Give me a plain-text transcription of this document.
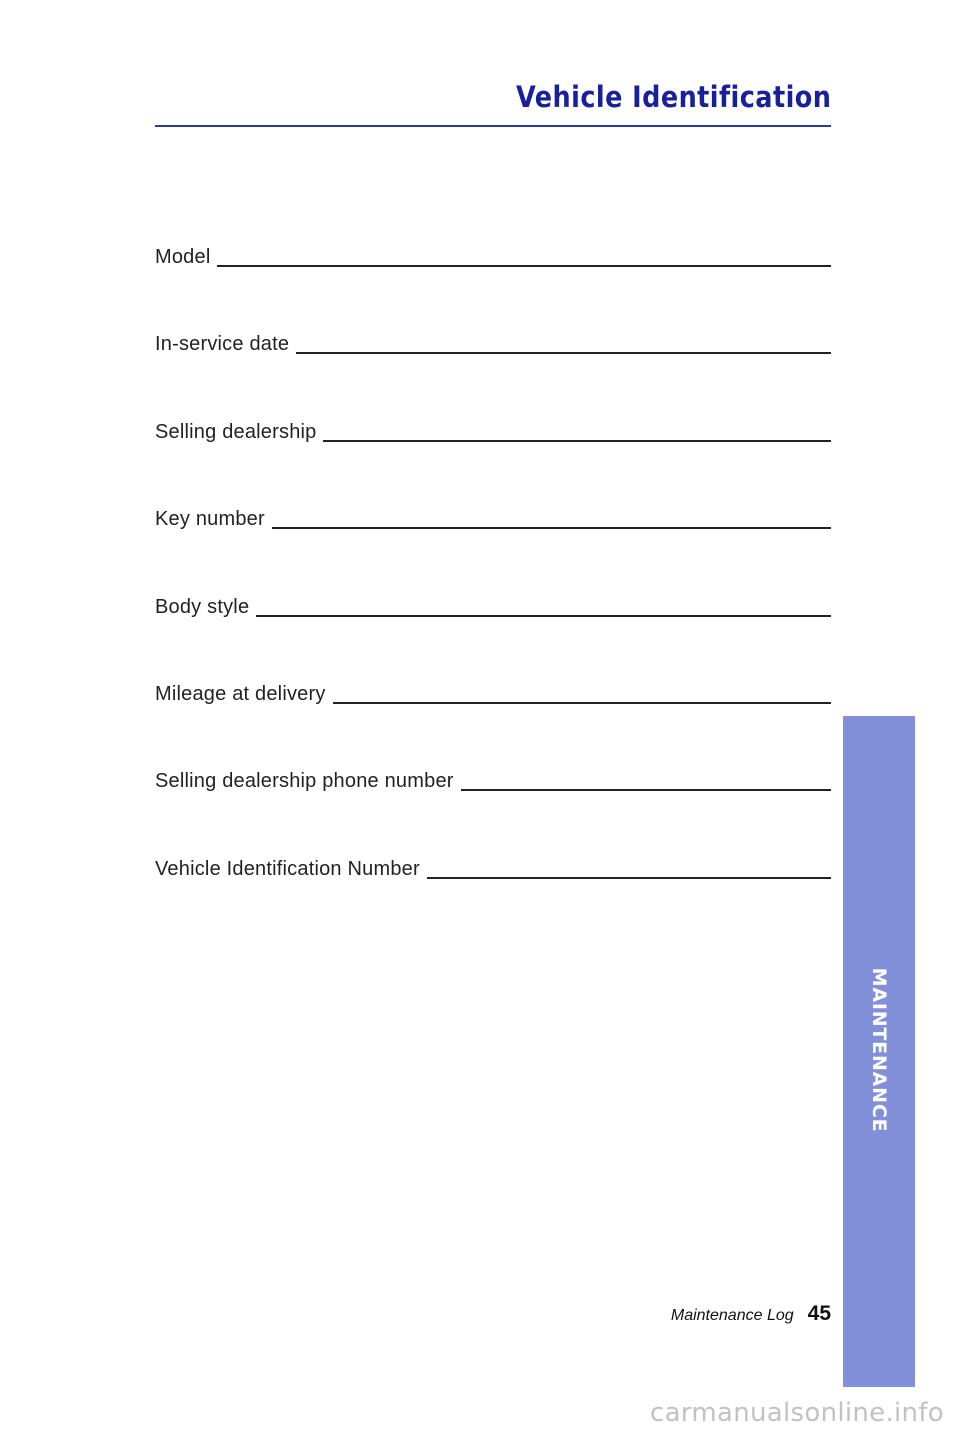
Vehicle Identification
Model
In-service date
Selling dealership
Key number
Body style
Mileage at delivery
Selling dealership phone number
Vehicle Identification Number
MAINTENANCE
Maintenance Log 45
carmanualsonline.info
